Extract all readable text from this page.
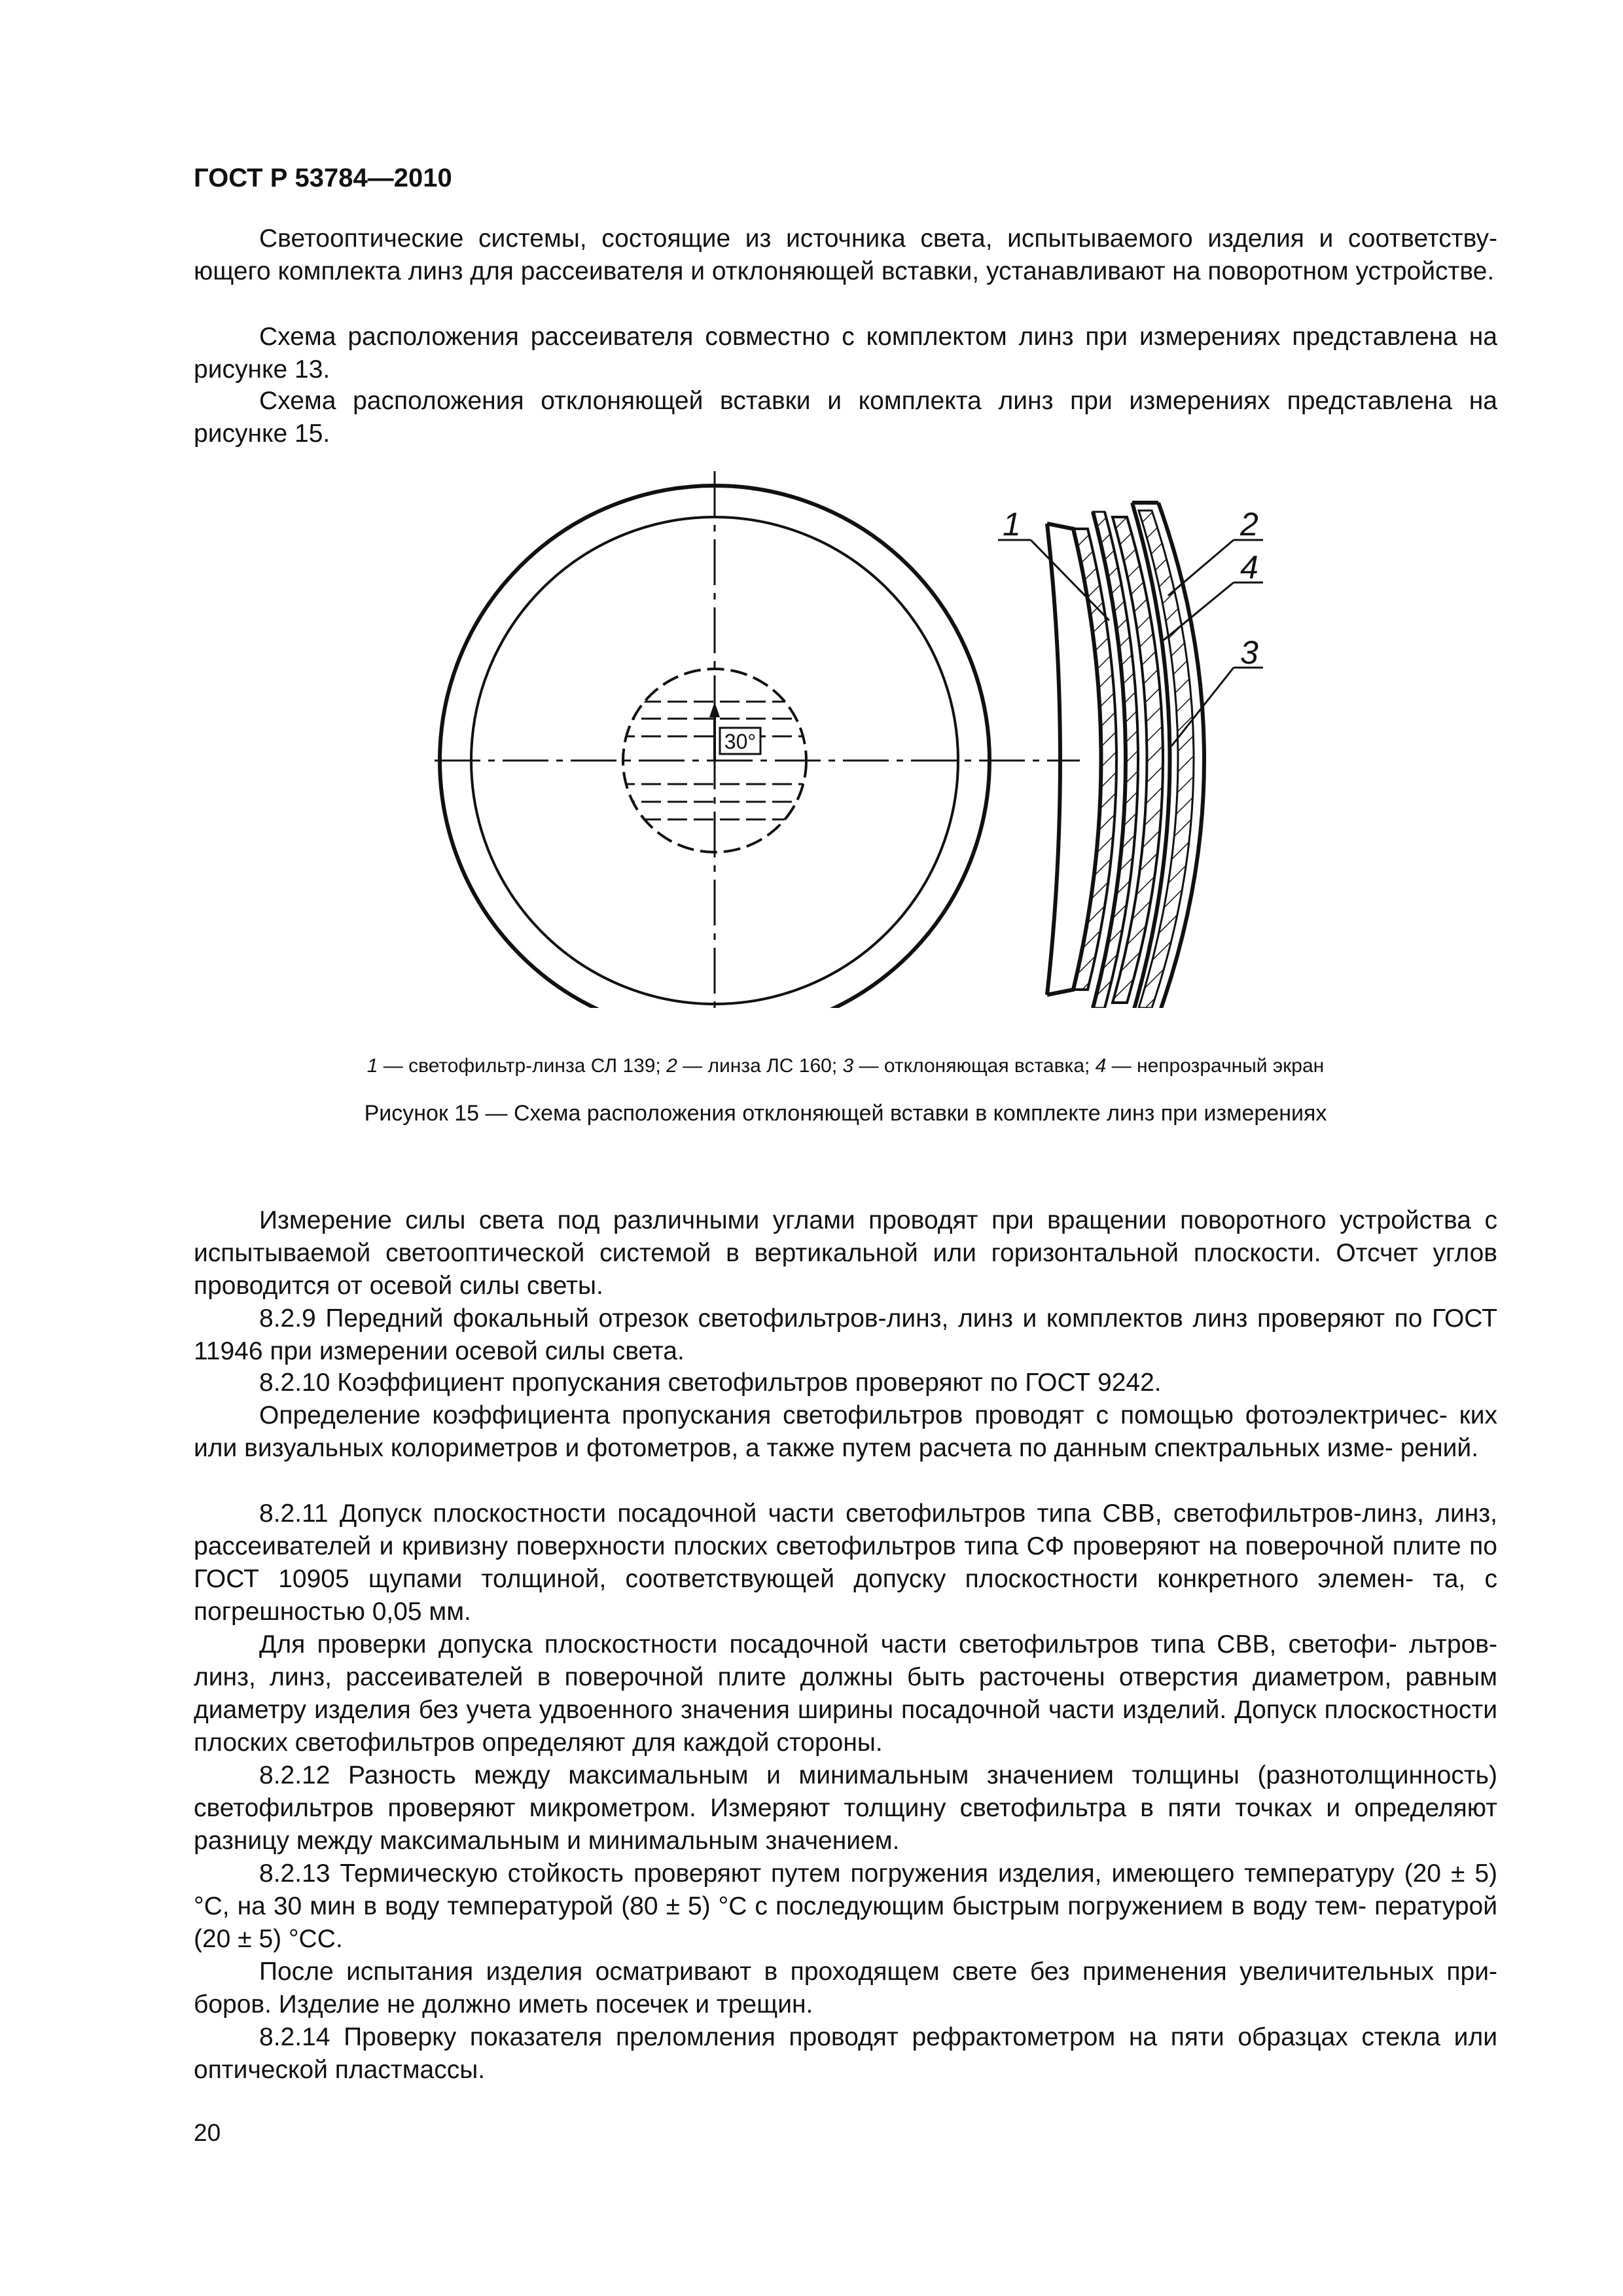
ГОСТ Р 53784—2010

Светооптические системы, состоящие из источника света, испытываемого изделия и соответству- ющего комплекта линз для рассеивателя и отклоняющей вставки, устанавливают на поворотном устройстве.

Схема расположения рассеивателя совместно с комплектом линз при измерениях представлена на рисунке 13.

Схема расположения отклоняющей вставки и комплекта линз при измерениях представлена на рисунке 15.

30°
1	2
4
3
1 — светофильтр-линза СЛ 139; 2 — линза ЛС 160; 3 — отклоняющая вставка; 4 — непрозрачный экран
Рисунок 15 — Схема расположения отклоняющей вставки в комплекте линз при измерениях

Измерение силы света под различными углами проводят при вращении поворотного устройства с испытываемой светооптической системой в вертикальной или горизонтальной плоскости. Отсчет углов проводится от осевой силы светы.

8.2.9 Передний фокальный отрезок светофильтров-линз, линз и комплектов линз проверяют по ГОСТ 11946 при измерении осевой силы света.

8.2.10 Коэффициент пропускания светофильтров проверяют по ГОСТ 9242.

Определение коэффициента пропускания светофильтров проводят с помощью фотоэлектричес- ких или визуальных колориметров и фотометров, а также путем расчета по данным спектральных изме- рений.

8.2.11 Допуск плоскостности посадочной части светофильтров типа СВВ, светофильтров-линз, линз, рассеивателей и кривизну поверхности плоских светофильтров типа СФ проверяют на поверочной плите по ГОСТ 10905 щупами толщиной, соответствующей допуску плоскостности конкретного элемен- та, с погрешностью 0,05 мм.

Для проверки допуска плоскостности посадочной части светофильтров типа СВВ, светофи- льтров-линз, линз, рассеивателей в поверочной плите должны быть расточены отверстия диаметром, равным диаметру изделия без учета удвоенного значения ширины посадочной части изделий. Допуск плоскостности плоских светофильтров определяют для каждой стороны.

8.2.12 Разность между максимальным и минимальным значением толщины (разнотолщинность) светофильтров проверяют микрометром. Измеряют толщину светофильтра в пяти точках и определяют разницу между максимальным и минимальным значением.

8.2.13 Термическую стойкость проверяют путем погружения изделия, имеющего температуру (20 ± 5) °С, на 30 мин в воду температурой (80 ± 5) °С с последующим быстрым погружением в воду тем- пературой (20 ± 5) °СС.

После испытания изделия осматривают в проходящем свете без применения увеличительных при- боров. Изделие не должно иметь посечек и трещин.

8.2.14 Проверку показателя преломления проводят рефрактометром на пяти образцах стекла или оптической пластмассы.

20
